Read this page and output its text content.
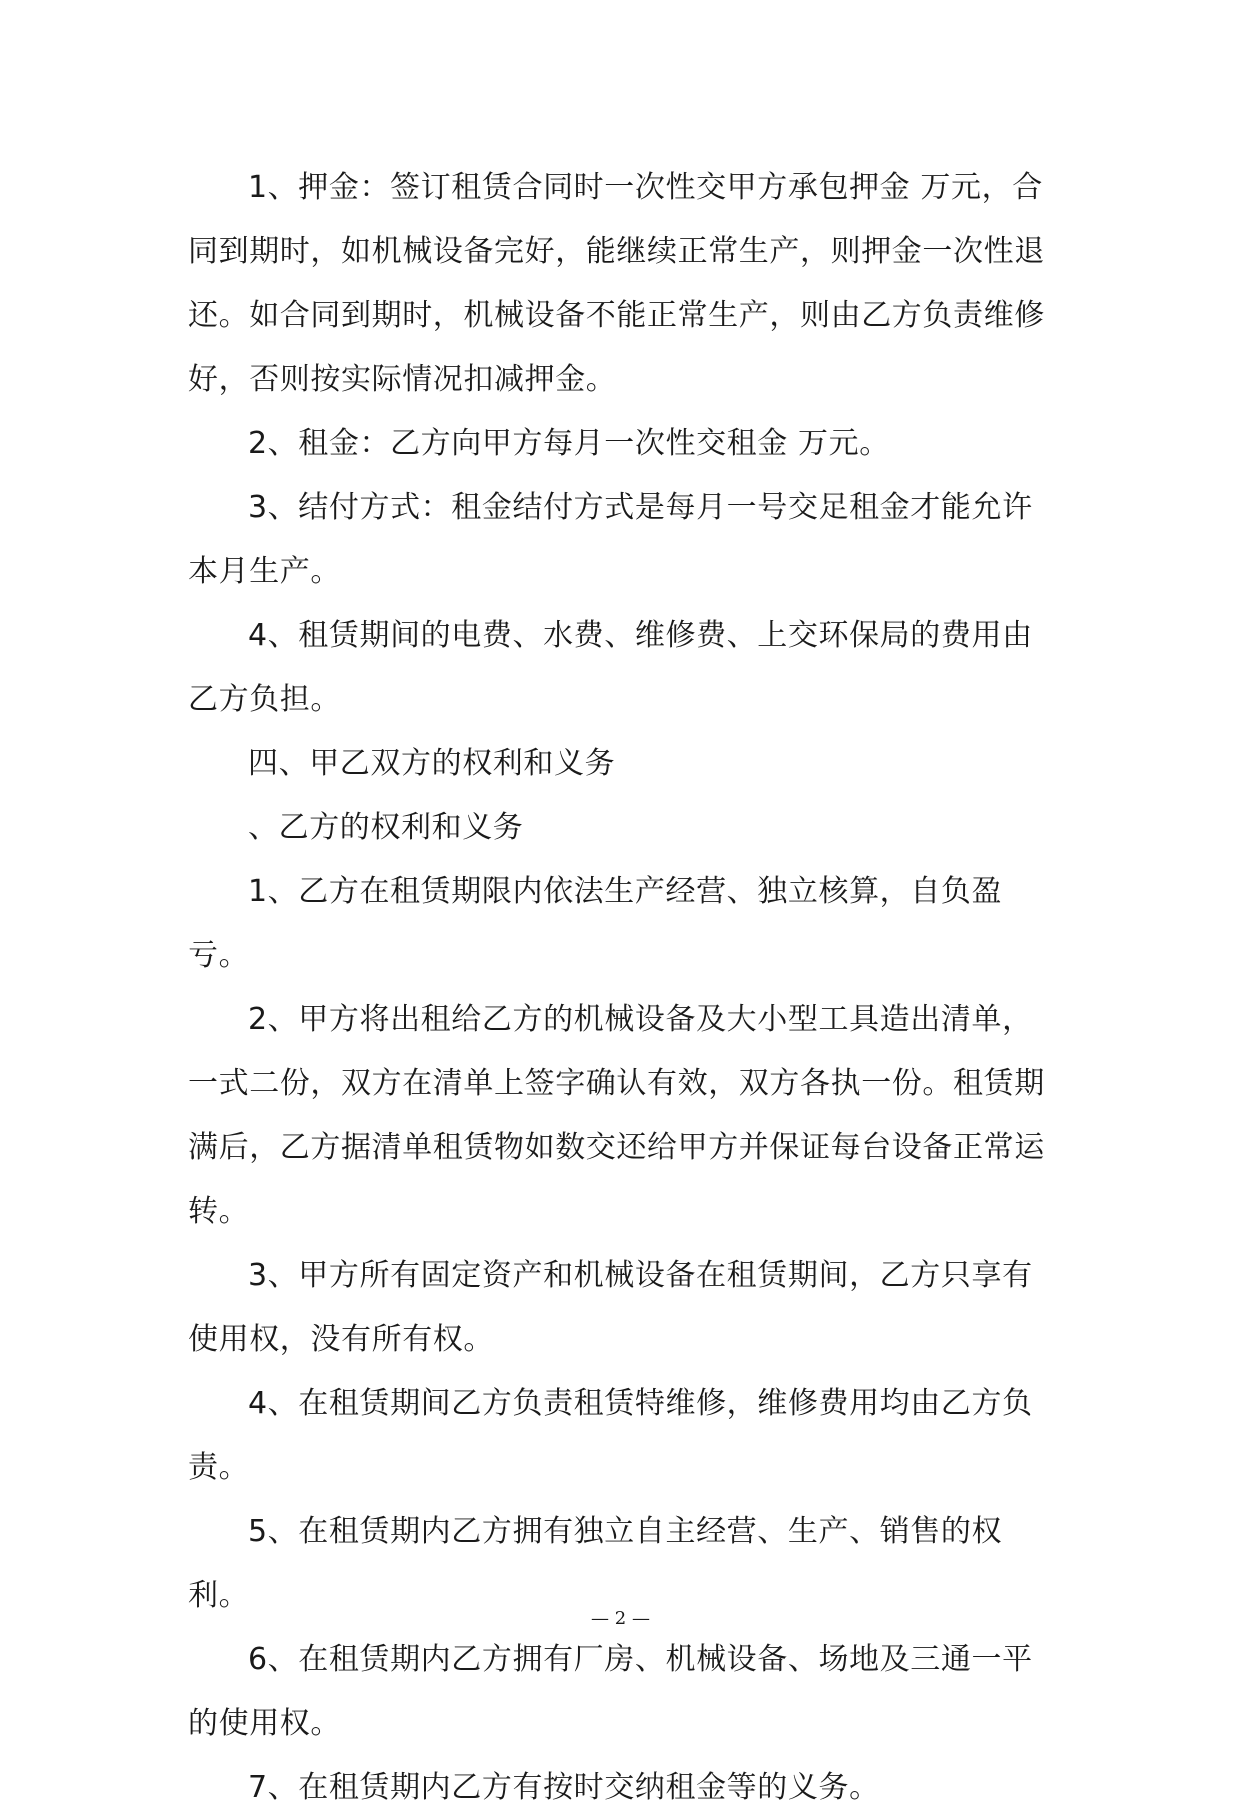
1、押金：签订租赁合同时一次性交甲方承包押金 万元，合同到期时，如机械设备完好，能继续正常生产，则押金一次性退还。如合同到期时，机械设备不能正常生产，则由乙方负责维修好，否则按实际情况扣减押金。

2、租金：乙方向甲方每月一次性交租金 万元。

3、结付方式：租金结付方式是每月一号交足租金才能允许本月生产。

4、租赁期间的电费、水费、维修费、上交环保局的费用由乙方负担。

四、甲乙双方的权利和义务

、乙方的权利和义务

1、乙方在租赁期限内依法生产经营、独立核算，自负盈亏。

2、甲方将出租给乙方的机械设备及大小型工具造出清单，一式二份，双方在清单上签字确认有效，双方各执一份。租赁期满后，乙方据清单租赁物如数交还给甲方并保证每台设备正常运转。

3、甲方所有固定资产和机械设备在租赁期间，乙方只享有使用权，没有所有权。

4、在租赁期间乙方负责租赁特维修，维修费用均由乙方负责。

5、在租赁期内乙方拥有独立自主经营、生产、销售的权利。

6、在租赁期内乙方拥有厂房、机械设备、场地及三通一平的使用权。

7、在租赁期内乙方有按时交纳租金等的义务。

— 2 —
